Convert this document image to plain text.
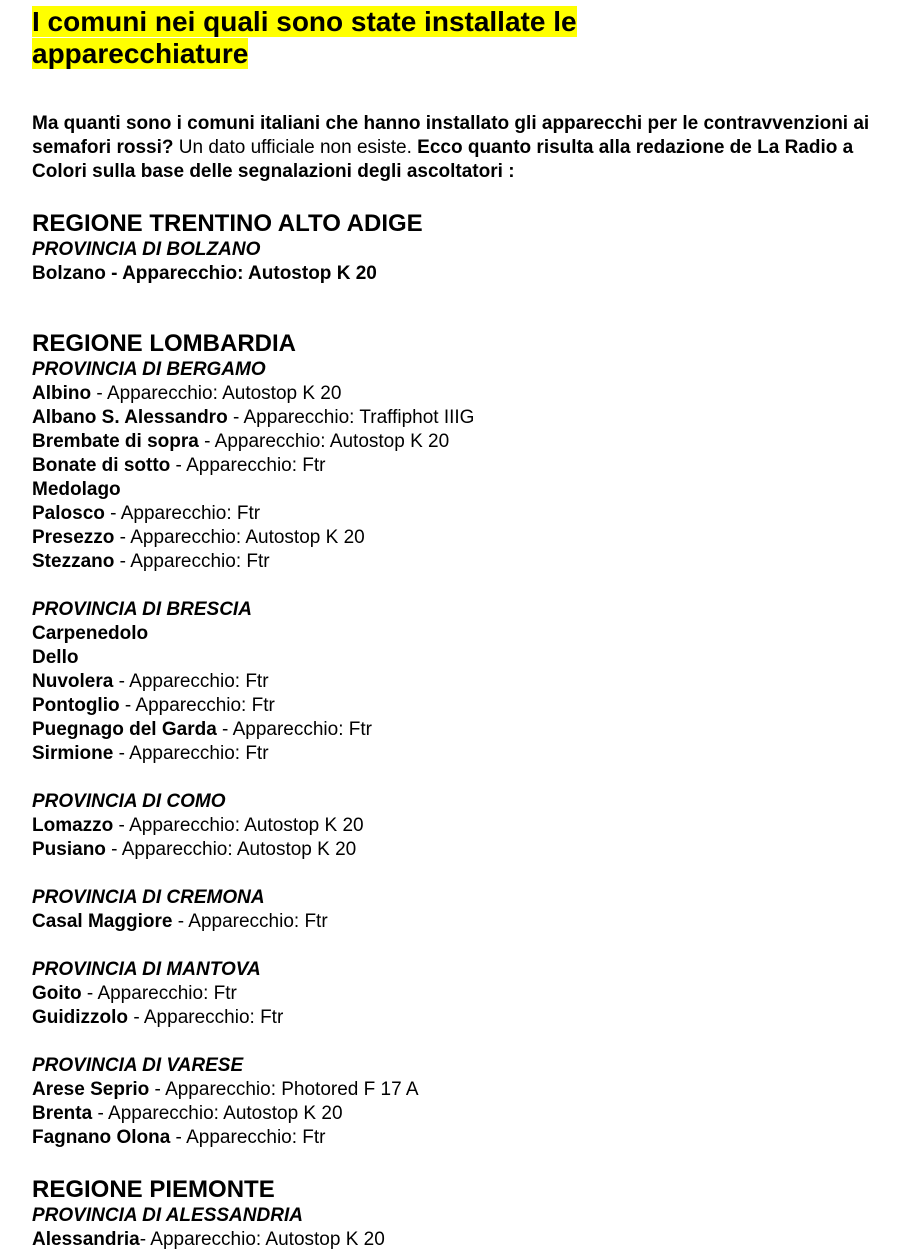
I comuni nei quali sono state installate le apparecchiature

Ma quanti sono i comuni italiani che hanno installato gli apparecchi per le contravvenzioni ai semafori rossi? Un dato ufficiale non esiste. Ecco quanto risulta alla redazione de La Radio a Colori sulla base delle segnalazioni degli ascoltatori :

REGIONE TRENTINO ALTO ADIGE
PROVINCIA DI BOLZANO
Bolzano - Apparecchio: Autostop K 20
REGIONE LOMBARDIA
PROVINCIA DI BERGAMO
Albino - Apparecchio: Autostop K 20
Albano S. Alessandro - Apparecchio: Traffiphot IIIG
Brembate di sopra - Apparecchio: Autostop K 20
Bonate di sotto - Apparecchio: Ftr
Medolago
Palosco - Apparecchio: Ftr
Presezzo - Apparecchio: Autostop K 20
Stezzano - Apparecchio: Ftr
PROVINCIA DI BRESCIA
Carpenedolo
Dello
Nuvolera - Apparecchio: Ftr
Pontoglio - Apparecchio: Ftr
Puegnago del Garda - Apparecchio: Ftr
Sirmione - Apparecchio: Ftr
PROVINCIA DI COMO
Lomazzo - Apparecchio: Autostop K 20
Pusiano - Apparecchio: Autostop K 20
PROVINCIA DI CREMONA
Casal Maggiore - Apparecchio: Ftr
PROVINCIA DI MANTOVA
Goito - Apparecchio: Ftr
Guidizzolo - Apparecchio: Ftr
PROVINCIA DI VARESE
Arese Seprio - Apparecchio: Photored F 17 A
Brenta - Apparecchio: Autostop K 20
Fagnano Olona - Apparecchio: Ftr
REGIONE PIEMONTE
PROVINCIA DI ALESSANDRIA
Alessandria- Apparecchio: Autostop K 20
